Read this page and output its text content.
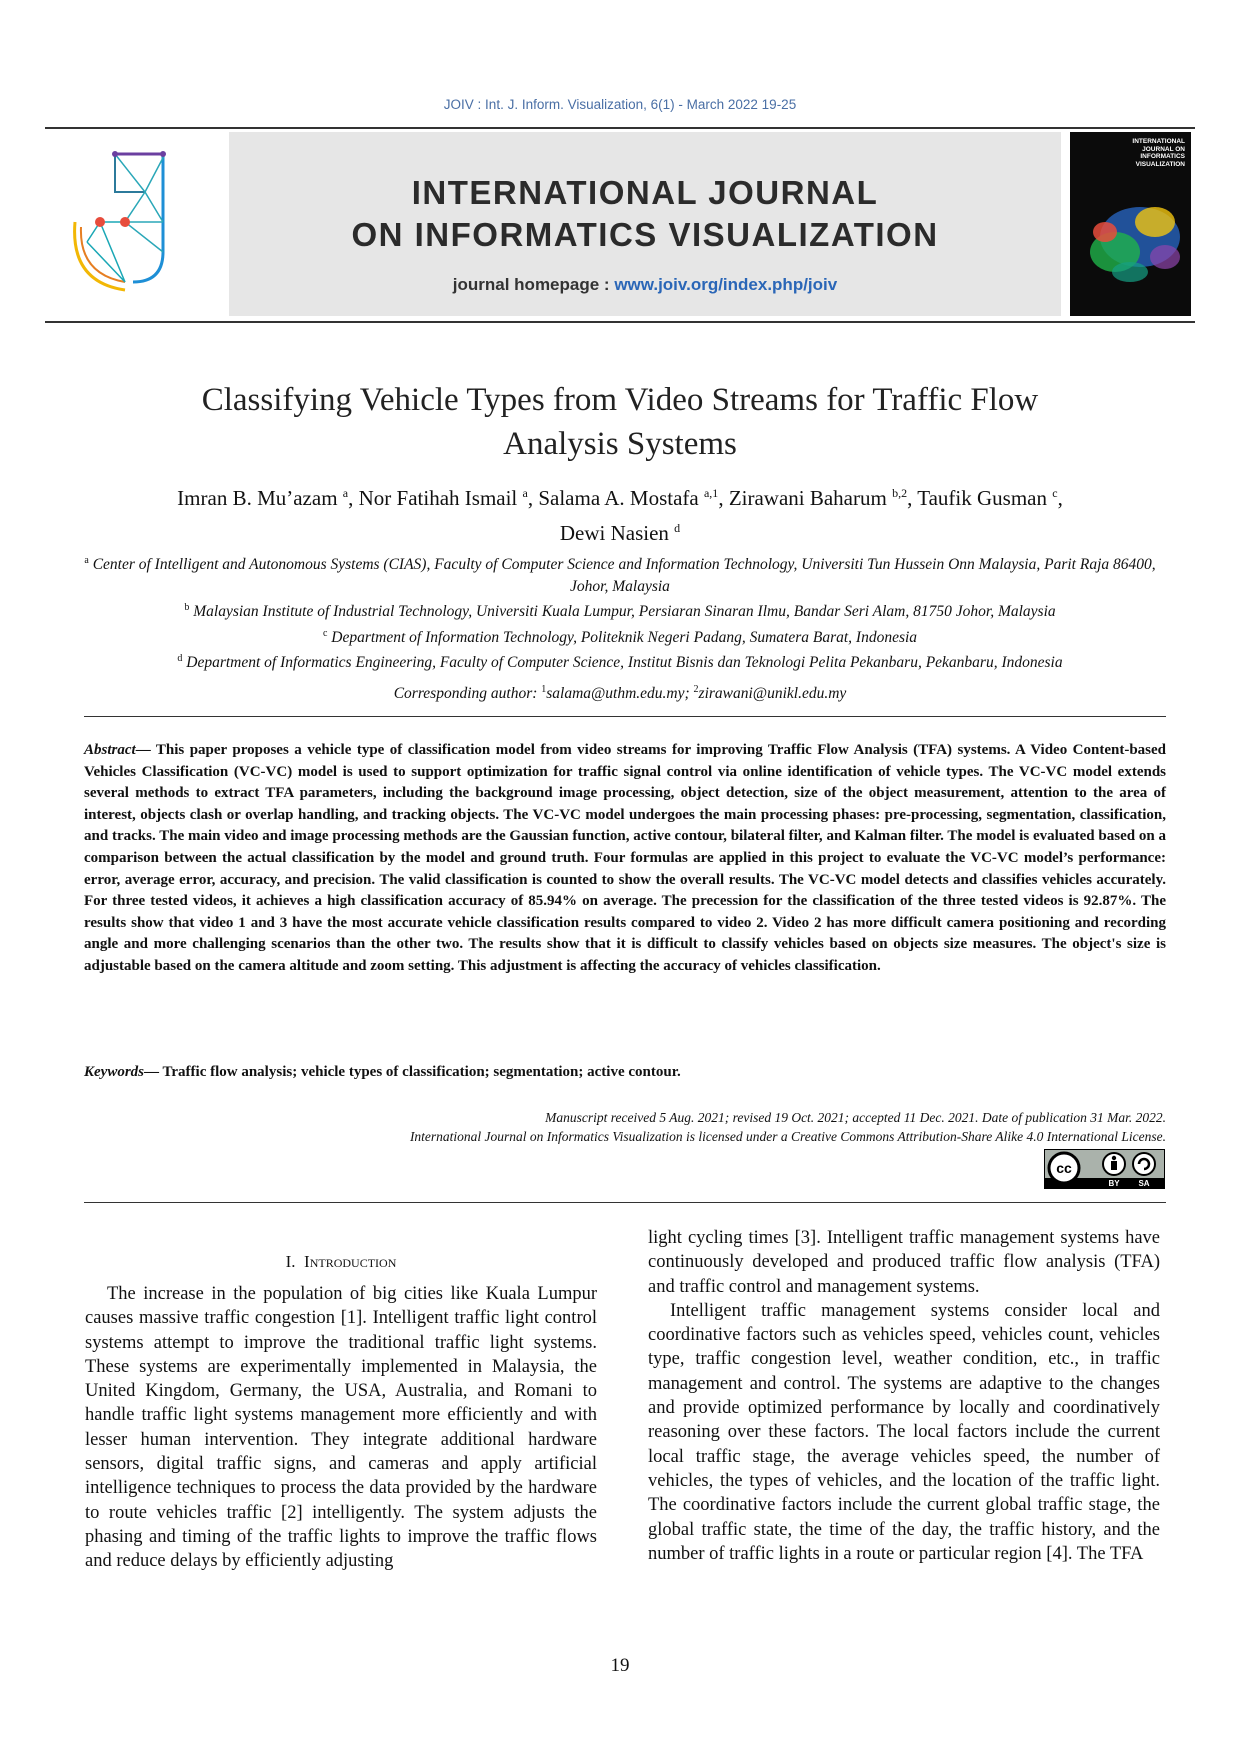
JOIV : Int. J. Inform. Visualization, 6(1) - March 2022 19-25
INTERNATIONAL JOURNAL
ON INFORMATICS VISUALIZATION
journal homepage : www.joiv.org/index.php/joiv
INTERNATIONAL JOURNAL ON INFORMATICS VISUALIZATION
Classifying Vehicle Types from Video Streams for Traffic Flow
Analysis Systems
Imran B. Mu’azam $^a$, Nor Fatihah Ismail $^a$, Salama A. Mostafa $^{a,1}$, Zirawani Baharum $^{b,2}$, Taufik Gusman $^c$,
Dewi Nasien $^d$
$^a$ Center of Intelligent and Autonomous Systems (CIAS), Faculty of Computer Science and Information Technology, Universiti Tun Hussein Onn Malaysia, Parit Raja 86400, Johor, Malaysia
$^b$ Malaysian Institute of Industrial Technology, Universiti Kuala Lumpur, Persiaran Sinaran Ilmu, Bandar Seri Alam, 81750 Johor, Malaysia
$^c$ Department of Information Technology, Politeknik Negeri Padang, Sumatera Barat, Indonesia
$^d$ Department of Informatics Engineering, Faculty of Computer Science, Institut Bisnis dan Teknologi Pelita Pekanbaru, Pekanbaru, Indonesia
Corresponding author: $^1$salama@uthm.edu.my; $^2$zirawani@unikl.edu.my
Abstract— This paper proposes a vehicle type of classification model from video streams for improving Traffic Flow Analysis (TFA) systems. A Video Content-based Vehicles Classification (VC-VC) model is used to support optimization for traffic signal control via online identification of vehicle types. The VC-VC model extends several methods to extract TFA parameters, including the background image processing, object detection, size of the object measurement, attention to the area of interest, objects clash or overlap handling, and tracking objects. The VC-VC model undergoes the main processing phases: pre-processing, segmentation, classification, and tracks. The main video and image processing methods are the Gaussian function, active contour, bilateral filter, and Kalman filter. The model is evaluated based on a comparison between the actual classification by the model and ground truth. Four formulas are applied in this project to evaluate the VC-VC model’s performance: error, average error, accuracy, and precision. The valid classification is counted to show the overall results. The VC-VC model detects and classifies vehicles accurately. For three tested videos, it achieves a high classification accuracy of 85.94% on average. The precession for the classification of the three tested videos is 92.87%. The results show that video 1 and 3 have the most accurate vehicle classification results compared to video 2. Video 2 has more difficult camera positioning and recording angle and more challenging scenarios than the other two. The results show that it is difficult to classify vehicles based on objects size measures. The object's size is adjustable based on the camera altitude and zoom setting. This adjustment is affecting the accuracy of vehicles classification.
Keywords— Traffic flow analysis; vehicle types of classification; segmentation; active contour.
Manuscript received 5 Aug. 2021; revised 19 Oct. 2021; accepted 11 Dec. 2021. Date of publication 31 Mar. 2022.
International Journal on Informatics Visualization is licensed under a Creative Commons Attribution-Share Alike 4.0 International License.
cc
BY SA
I. Introduction

The increase in the population of big cities like Kuala Lumpur causes massive traffic congestion [1]. Intelligent traffic light control systems attempt to improve the traditional traffic light systems. These systems are experimentally implemented in Malaysia, the United Kingdom, Germany, the USA, Australia, and Romani to handle traffic light systems management more efficiently and with lesser human intervention. They integrate additional hardware sensors, digital traffic signs, and cameras and apply artificial intelligence techniques to process the data provided by the hardware to route vehicles traffic [2] intelligently. The system adjusts the phasing and timing of the traffic lights to improve the traffic flows and reduce delays by efficiently adjusting

light cycling times [3]. Intelligent traffic management systems have continuously developed and produced traffic flow analysis (TFA) and traffic control and management systems.

Intelligent traffic management systems consider local and coordinative factors such as vehicles speed, vehicles count, vehicles type, traffic congestion level, weather condition, etc., in traffic management and control. The systems are adaptive to the changes and provide optimized performance by locally and coordinatively reasoning over these factors. The local factors include the current local traffic stage, the average vehicles speed, the number of vehicles, the types of vehicles, and the location of the traffic light. The coordinative factors include the current global traffic stage, the global traffic state, the time of the day, the traffic history, and the number of traffic lights in a route or particular region [4]. The TFA

19
